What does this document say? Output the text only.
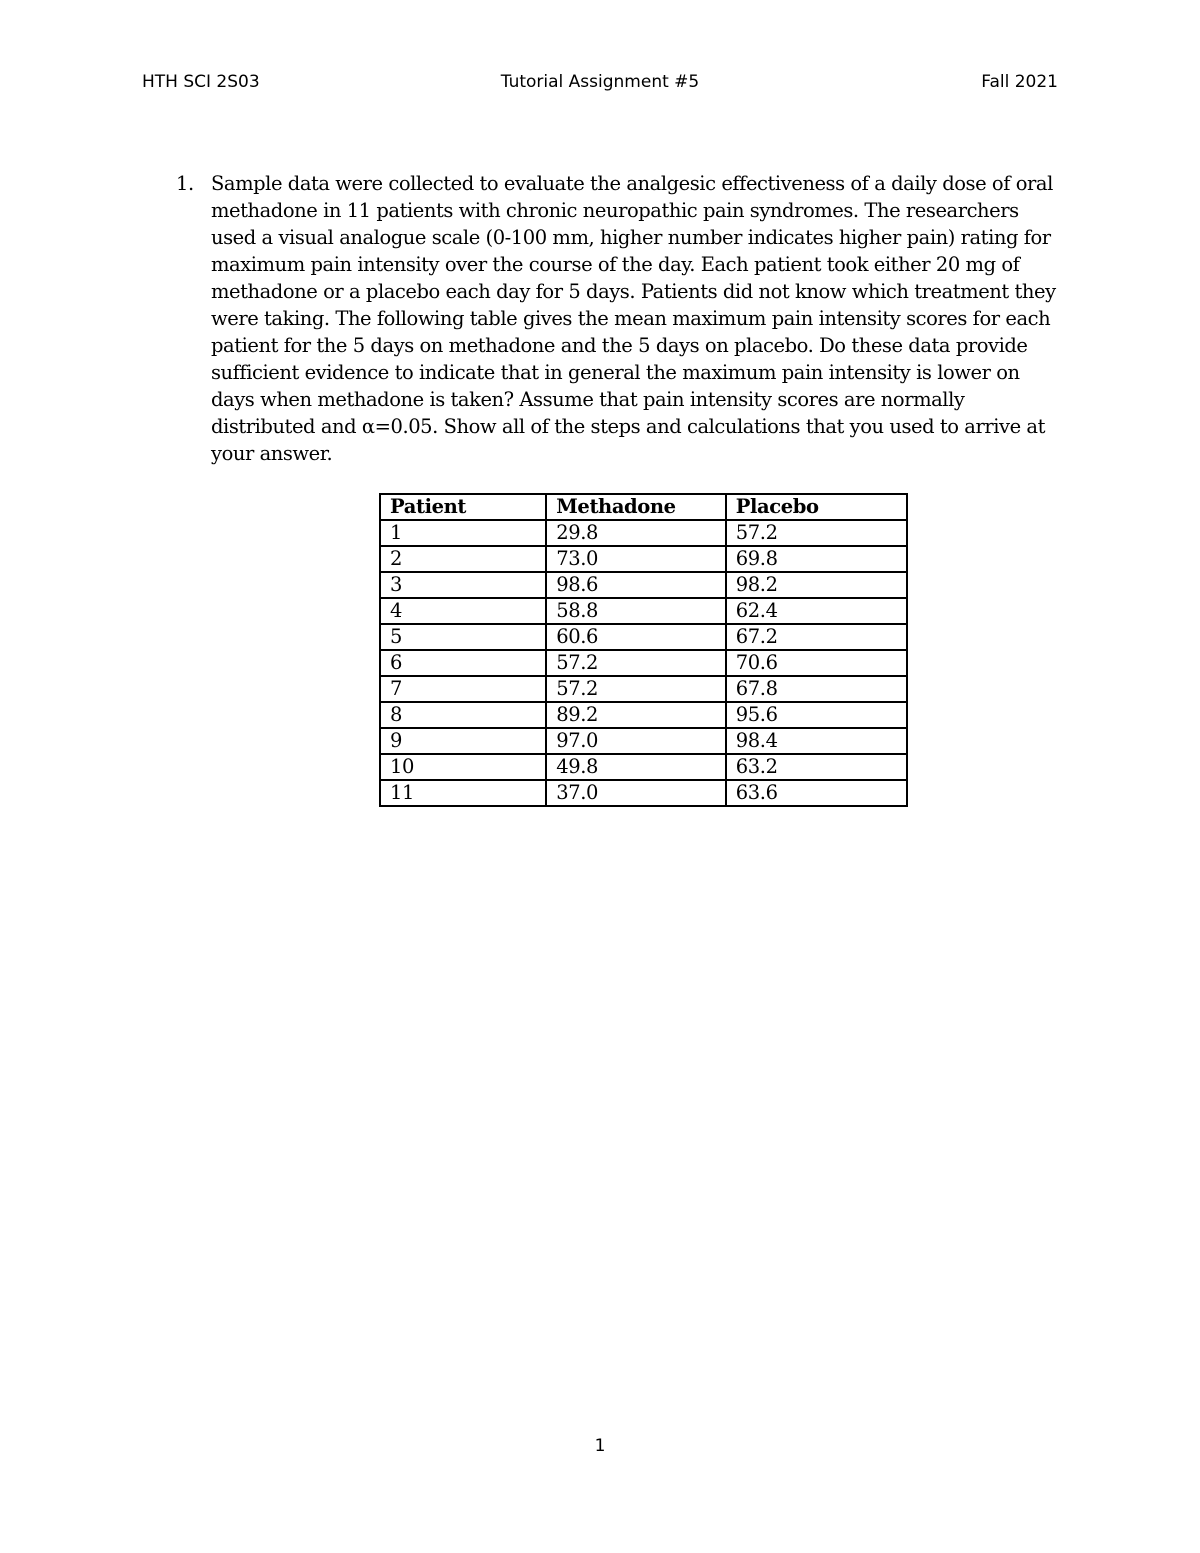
HTH SCI 2S03	Tutorial Assignment #5	Fall 2021
1. Sample data were collected to evaluate the analgesic effectiveness of a daily dose of oral methadone in 11 patients with chronic neuropathic pain syndromes. The researchers used a visual analogue scale (0-100 mm, higher number indicates higher pain) rating for maximum pain intensity over the course of the day. Each patient took either 20 mg of methadone or a placebo each day for 5 days. Patients did not know which treatment they were taking. The following table gives the mean maximum pain intensity scores for each patient for the 5 days on methadone and the 5 days on placebo. Do these data provide sufficient evidence to indicate that in general the maximum pain intensity is lower on days when methadone is taken? Assume that pain intensity scores are normally distributed and α=0.05. Show all of the steps and calculations that you used to arrive at your answer.
Patient	Methadone	Placebo
1	29.8	57.2
2	73.0	69.8
3	98.6	98.2
4	58.8	62.4
5	60.6	67.2
6	57.2	70.6
7	57.2	67.8
8	89.2	95.6
9	97.0	98.4
10	49.8	63.2
11	37.0	63.6
1
